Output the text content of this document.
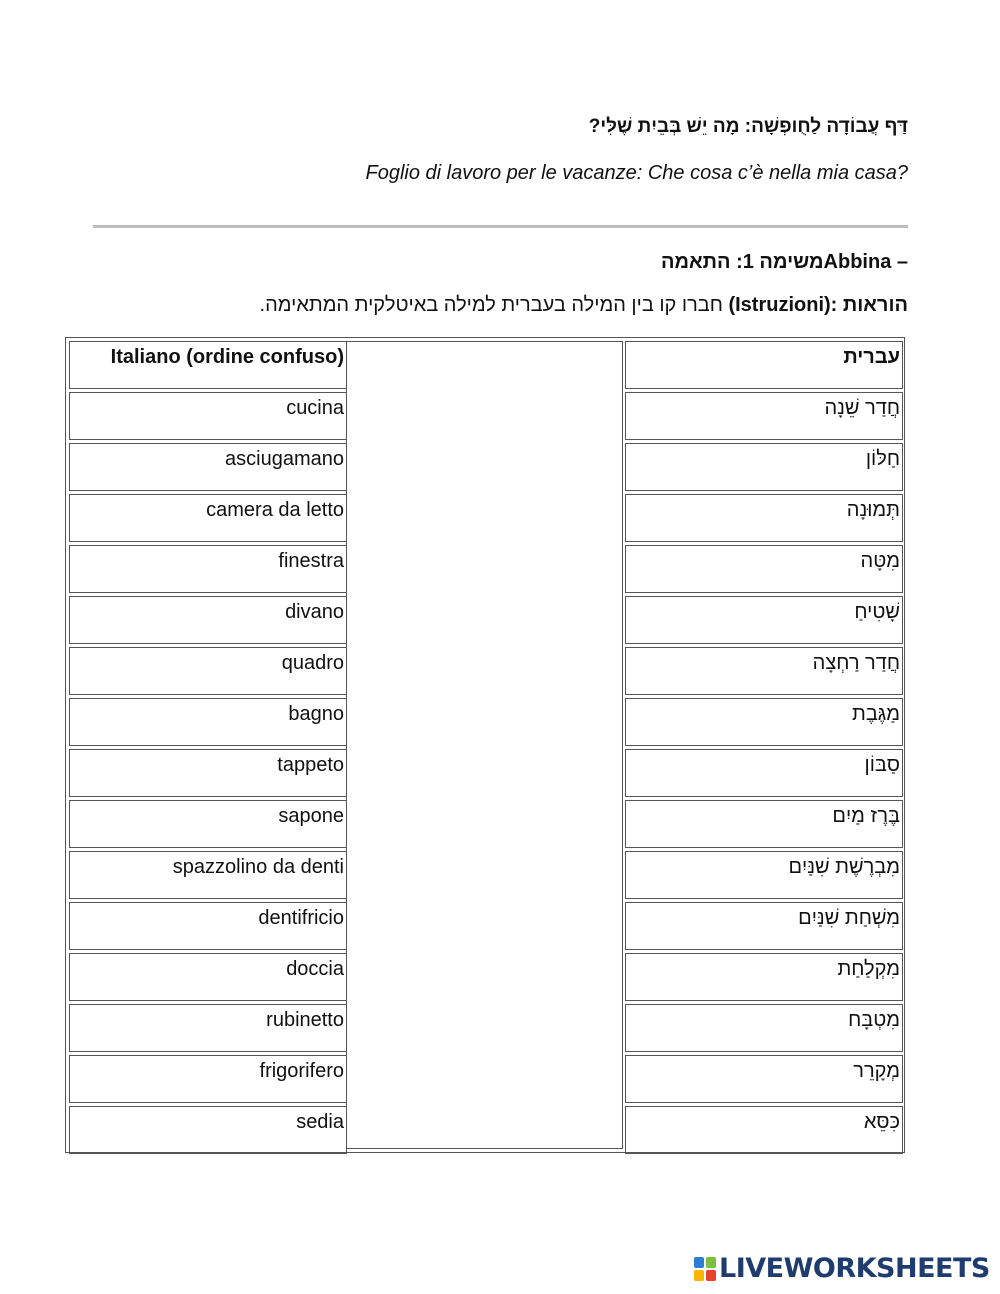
דַּף עֲבוֹדָה לַחֻופְשָׁה: מָה יֵשׁ בְּבֵיִת שֶׁלִּי?
Foglio di lavoro per le vacanze: Che cosa c’è nella mia casa?
משימה 1: התאמהAbbina –
הוראות :(Istruzioni) חברו קו בין המילה בעברית למילה באיטלקית המתאימה.
Italiano (ordine confuso)
cucina
asciugamano
camera da letto
finestra
divano
quadro
bagno
tappeto
sapone
spazzolino da denti
dentifricio
doccia
rubinetto
frigorifero
sedia
עברית
חֲדַר שֵׁנָה
חַלּוֹן
תְּמוּנָה
מִטָּה
שָׁטִיחַ
חֲדַר רַחְצָה
מַגֶּבֶת
סַבּוֹן
בֶּרֶז מַיִם
מִבְרֶשֶׁת שִׁנַּיִם
מִשְׁחַת שִׁנַּיִם
מִקְלַחַת
מִטְבָּח
מְקָרֵר
כִּסֵּא
LIVEWORKSHEETS
